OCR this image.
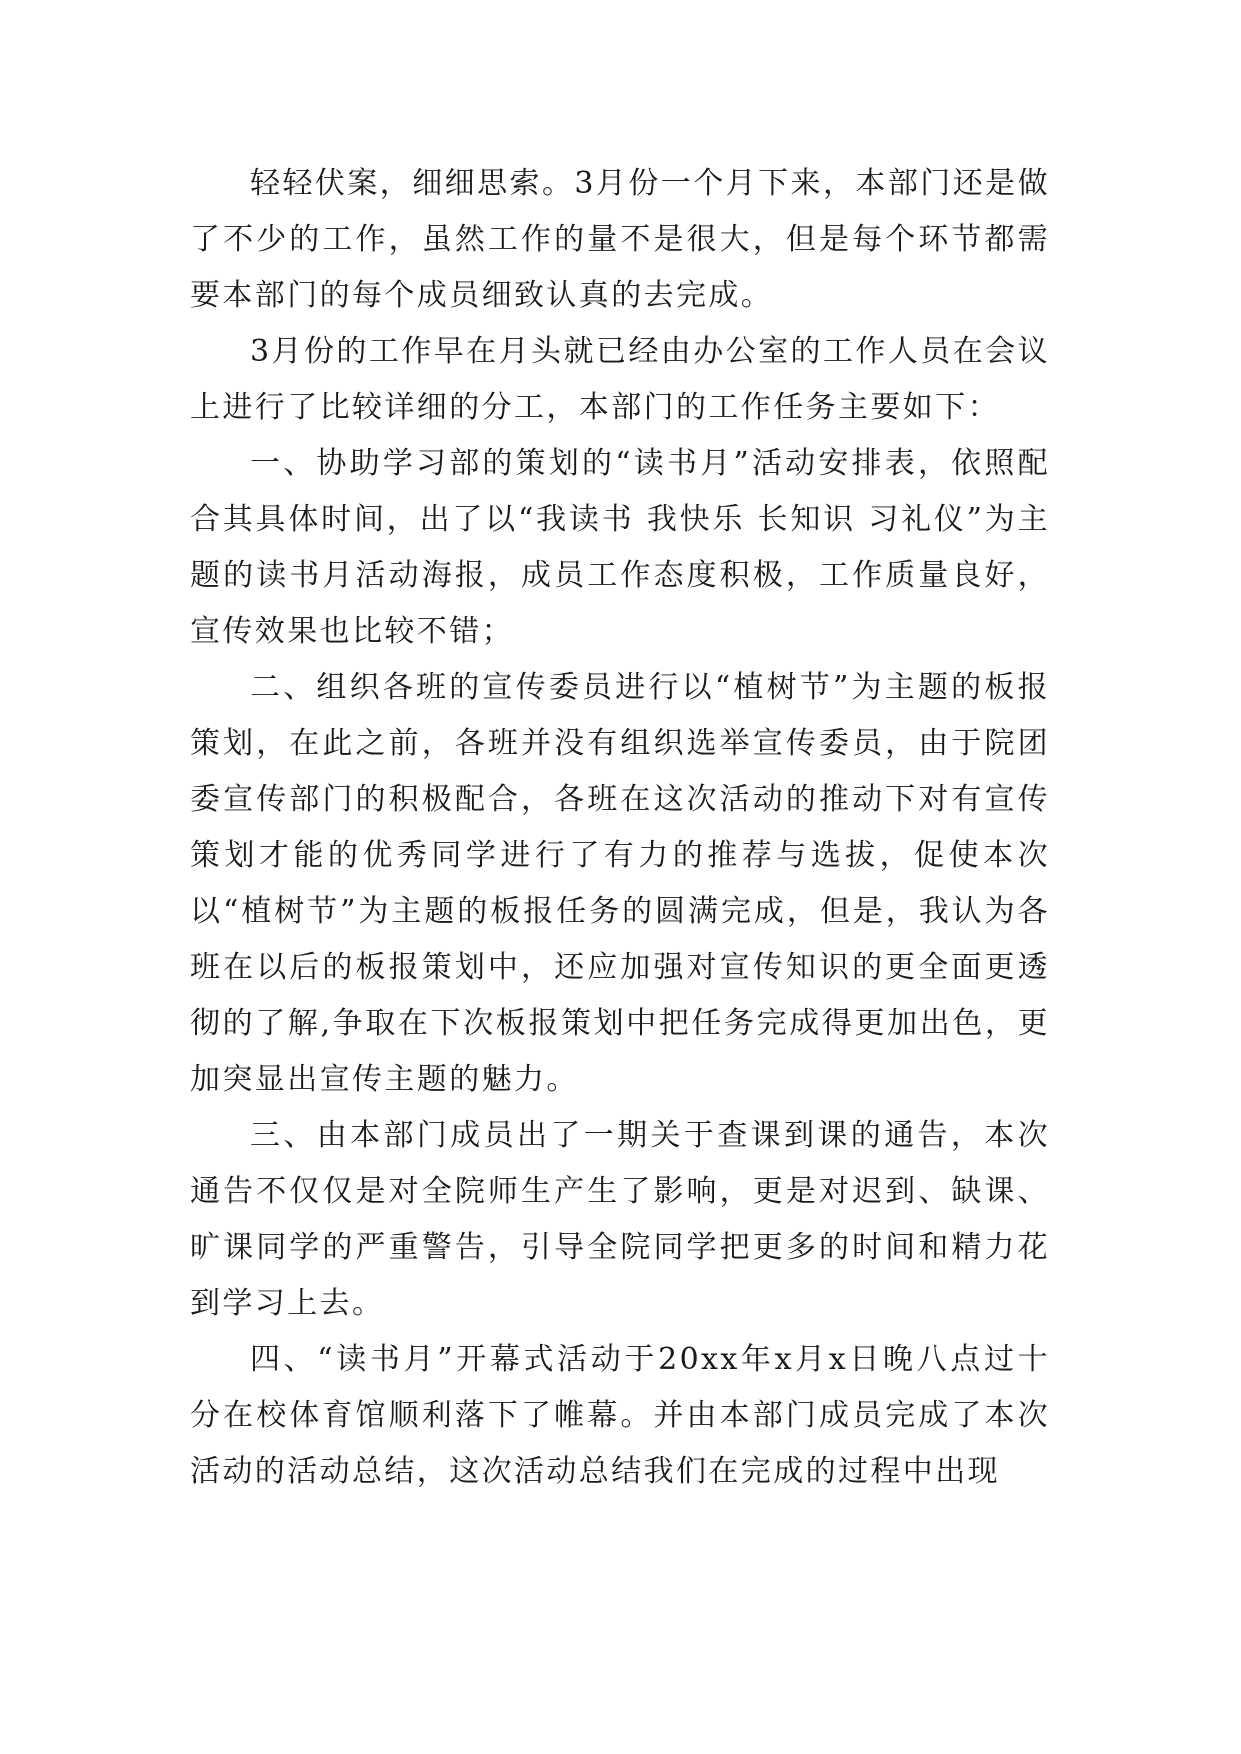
轻轻伏案，细细思索。3月份一个月下来，本部门还是做了不少的工作，虽然工作的量不是很大，但是每个环节都需要本部门的每个成员细致认真的去完成。

3月份的工作早在月头就已经由办公室的工作人员在会议上进行了比较详细的分工，本部门的工作任务主要如下：

一、协助学习部的策划的“读书月”活动安排表，依照配合其具体时间，出了以“我读书 我快乐 长知识 习礼仪”为主题的读书月活动海报，成员工作态度积极，工作质量良好，宣传效果也比较不错；

二、组织各班的宣传委员进行以“植树节”为主题的板报策划，在此之前，各班并没有组织选举宣传委员，由于院团委宣传部门的积极配合，各班在这次活动的推动下对有宣传策划才能的优秀同学进行了有力的推荐与选拔，促使本次以“植树节”为主题的板报任务的圆满完成，但是，我认为各班在以后的板报策划中，还应加强对宣传知识的更全面更透彻的了解,争取在下次板报策划中把任务完成得更加出色，更加突显出宣传主题的魅力。

三、由本部门成员出了一期关于查课到课的通告，本次通告不仅仅是对全院师生产生了影响，更是对迟到、缺课、旷课同学的严重警告，引导全院同学把更多的时间和精力花到学习上去。

四、“读书月”开幕式活动于20xx年x月x日晚八点过十分在校体育馆顺利落下了帷幕。并由本部门成员完成了本次活动的活动总结，这次活动总结我们在完成的过程中出现
